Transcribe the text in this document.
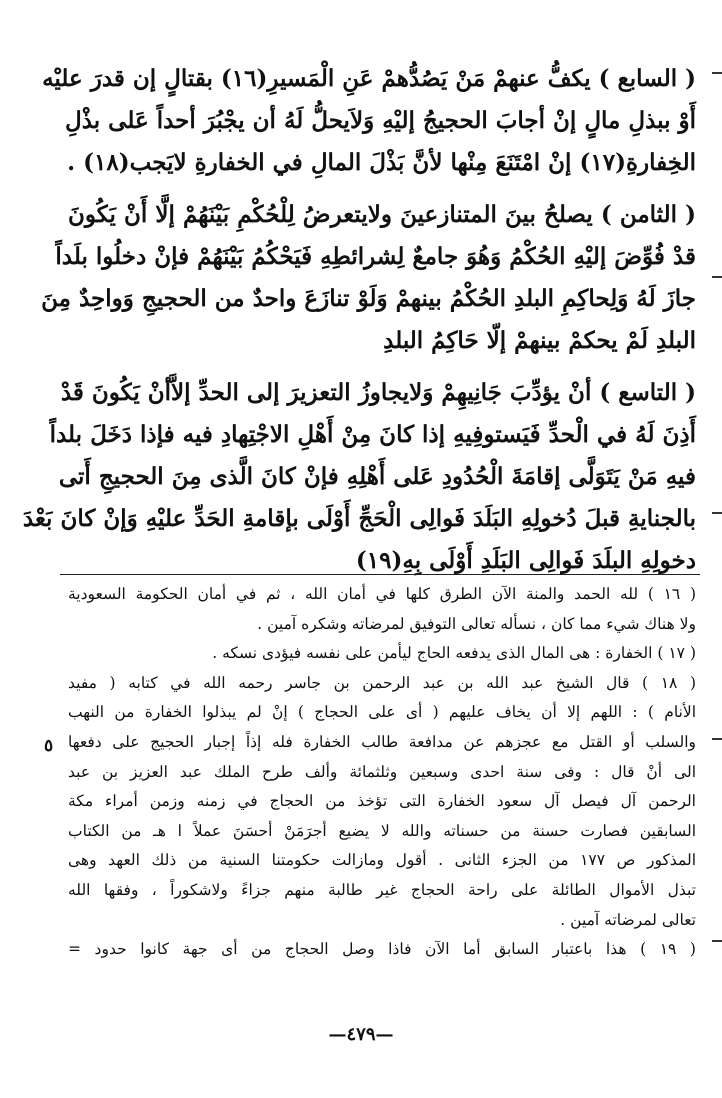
( السابع ) يكفُّ عنهمْ مَنْ يَصُدُّهمْ عَنِ الْمَسيرِ(١٦) بقتالٍ إن قدرَ عليْه
أَوْ ببذلِ مالٍ إنْ أجابَ الحجيجُ إليْهِ وَلاَيحلُّ لَهُ أن يجْبُرَ أحداً عَلى بذْلِ
الخِفارةِ(١٧) إنْ امْتَنَعَ مِنْها لأنَّ بَذْلَ المالِ في الخفارةِ لايَجب(١٨) .
( الثامن ) يصلحُ بينَ المتنازعينَ ولايتعرضُ لِلْحُكْمِ بَيْنَهُمْ إلَّا أَنْ يَكُونَ
قدْ فُوِّضَ إليْهِ الحُكْمُ وَهُوَ جامعٌ لِشرائطِهِ فَيَحْكُمُ بَيْنَهُمْ فإنْ دخلُوا بلَداً
جازَ لَهُ وَلِحاكِمِ البلدِ الحُكْمُ بينهمْ وَلَوْ تنازَعَ واحدٌ من الحجيجِ وَواحِدٌ مِنَ
البلدِ لَمْ يحكمْ بينهمْ إلّا حَاكِمُ البلدِ
( التاسع ) أنْ يؤدِّبَ جَانِيهِمْ وَلايجاوزُ التعزيرَ إلى الحدِّ إلاَّأنْ يَكُونَ قَدْ
أَذِنَ لَهُ في الْحدِّ فَيَستوفِيهِ إذا كانَ مِنْ أَهْلِ الاجْتِهادِ فيه فإذا دَخَلَ بلداً
فيهِ مَنْ يَتَوَلَّى إقامَةَ الْحُدُودِ عَلى أَهْلِهِ فإنْ كانَ الَّذى مِنَ الحجيجِ أَتى
بالجنايةِ قبلَ دُخولِهِ البَلَدَ فَوالِى الْحَجِّ أَوْلَى بإقامةِ الحَدِّ عليْهِ وَإنْ كانَ بَعْدَ
دخولِهِ البلَدَ فَوالِى البَلَدِ أَوْلَى بِهِ(١٩)
( ١٦ ) لله الحمد والمنة الآن الطرق كلها في أمان الله ، ثم في أمان الحكومة السعودية
ولا هناك شيء مما كان ، نسأله تعالى التوفيق لمرضاته وشكره آمين .
( ١٧ ) الخفارة : هى المال الذى يدفعه الحاج ليأمن على نفسه فيؤدى نسكه .
( ١٨ ) قال الشيخ عبد الله بن عبد الرحمن بن جاسر رحمه الله في كتابه ( مفيد
الأنام ) : اللهم إلا أن يخاف عليهم ( أى على الحجاج ) إنْ لم يبذلوا الخفارة من النهب
والسلب أو القتل مع عجزهم عن مدافعة طالب الخفارة فله إذاً إجبار الحجيج على دفعها
الى أنْ قال : وفى سنة احدى وسبعين وثلثمائة وألف طرح الملك عبد العزيز بن عبد
الرحمن آل فيصل آل سعود الخفارة التى تؤخذ من الحجاج في زمنه وزمن أمراء مكة
السابقين فصارت حسنة من حسناته والله لا يضيع أجرَمَنْ أحسَنَ عملاً ا هـ من الكتاب
المذكور ص ١٧٧ من الجزء الثانى . أقول ومازالت حكومتنا السنية من ذلك العهد وهى
تبذل الأموال الطائلة على راحة الحجاج غير طالبة منهم جزاءً ولاشكوراً ، وفقها الله
تعالى لمرضاته آمين .
( ١٩ ) هذا باعتبار السابق أما الآن فاذا وصل الحجاج من أى جهة كانوا حدود =
٥
—٤٧٩—
